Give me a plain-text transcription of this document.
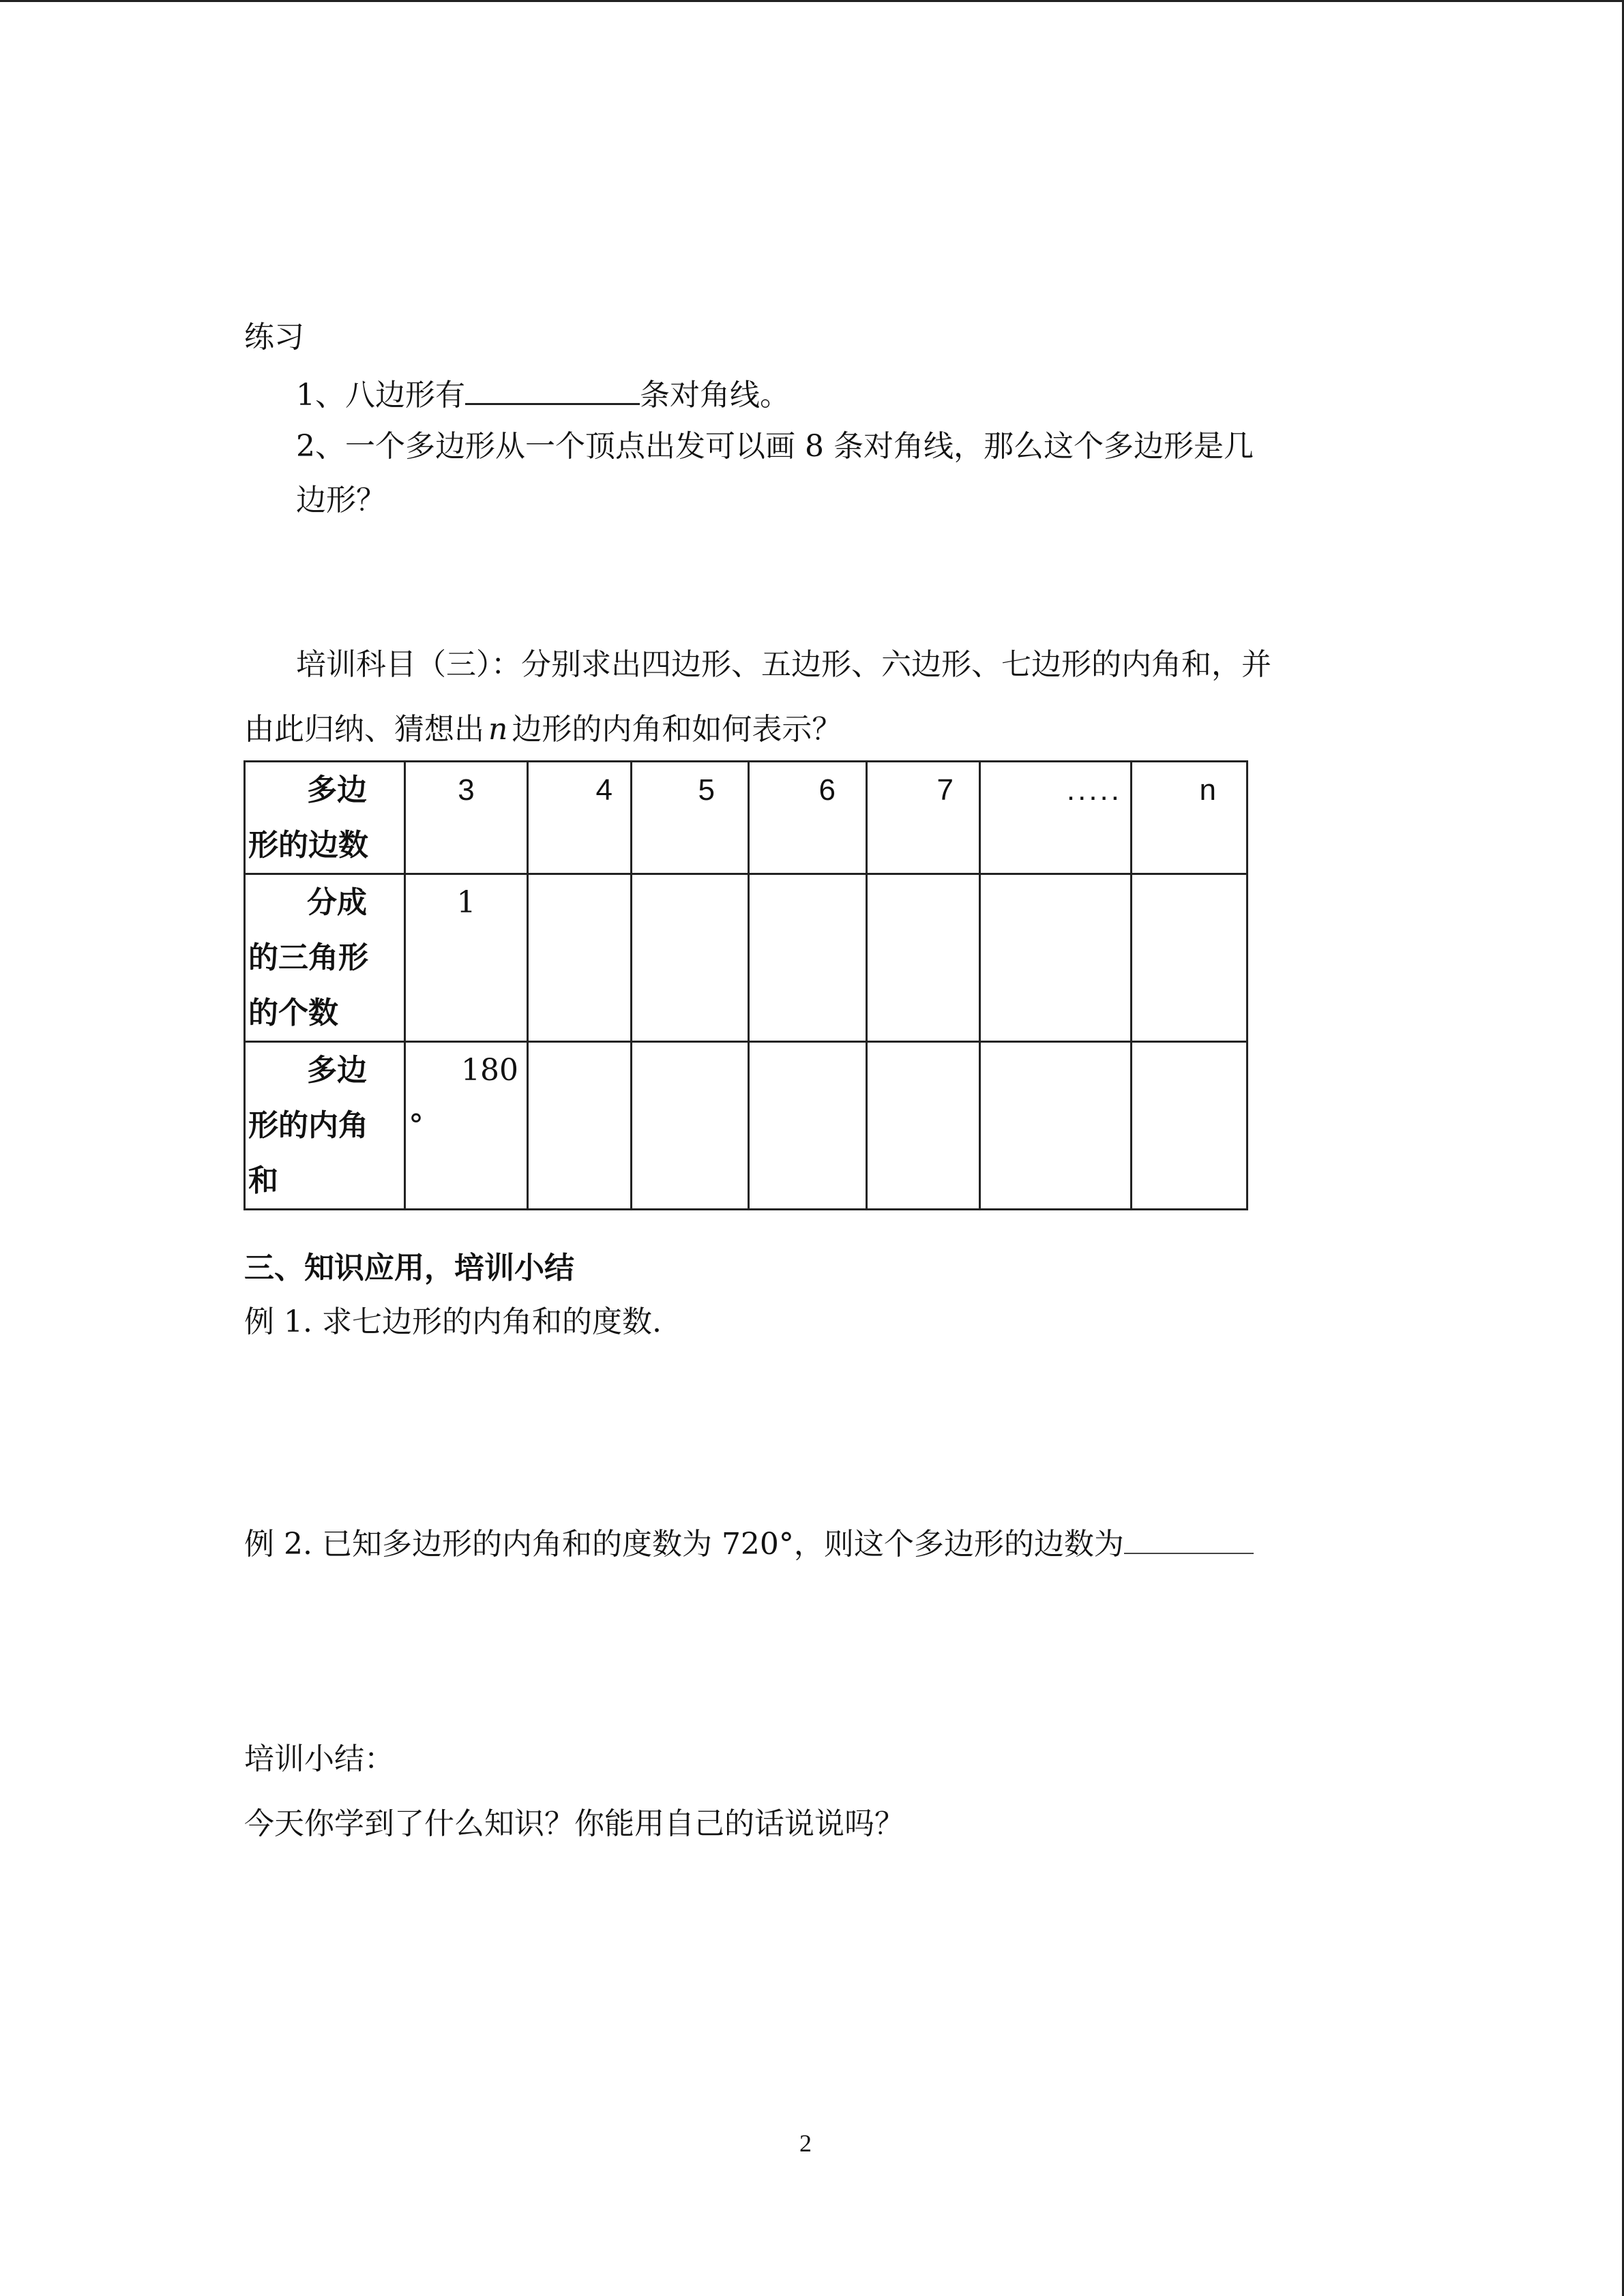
练习
1、八边形有	条对角线。
2、一个多边形从一个顶点出发可以画 8 条对角线，那么这个多边形是几
边形？
培训科目（三）：分别求出四边形、五边形、六边形、七边形的内角和，并
由此归纳、猜想出 n 边形的内角和如何表示？
多边
形的边数	3	4	5	6	7	.....	n

分成
的三角形
的个数	1						

多边
形的内角
和	180
°						
三、知识应用，培训小结
例 1. 求七边形的内角和的度数.
例 2. 已知多边形的内角和的度数为 720°，则这个多边形的边数为
培训小结：
今天你学到了什么知识？你能用自己的话说说吗？
2
